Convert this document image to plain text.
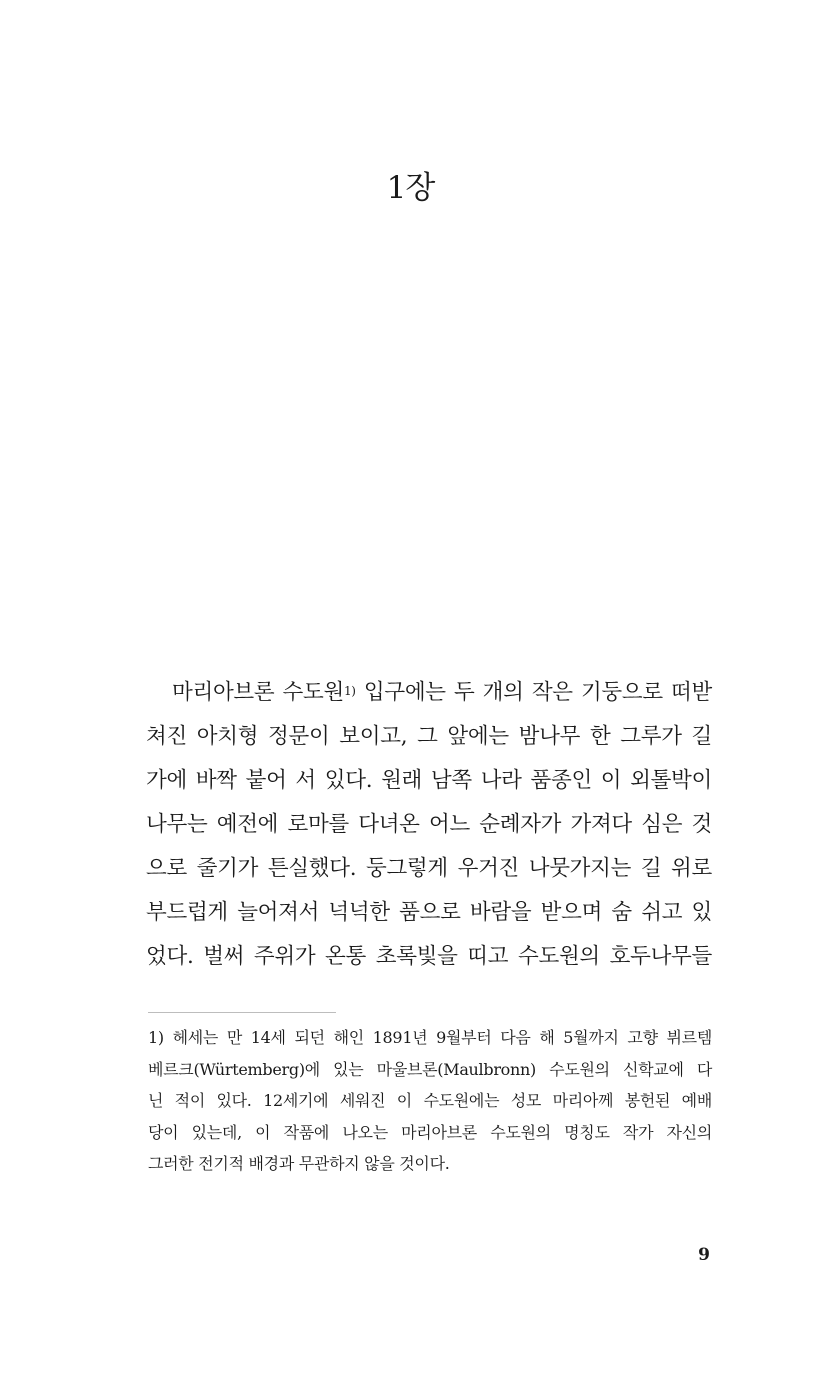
1장
마리아브론 수도원$^{1)}$ 입구에는 두 개의 작은 기둥으로 떠받
쳐진 아치형 정문이 보이고, 그 앞에는 밤나무 한 그루가 길
가에 바짝 붙어 서 있다. 원래 남쪽 나라 품종인 이 외톨박이
나무는 예전에 로마를 다녀온 어느 순례자가 가져다 심은 것
으로 줄기가 튼실했다. 둥그렇게 우거진 나뭇가지는 길 위로
부드럽게 늘어져서 넉넉한 품으로 바람을 받으며 숨 쉬고 있
었다. 벌써 주위가 온통 초록빛을 띠고 수도원의 호두나무들
1) 헤세는 만 14세 되던 해인 1891년 9월부터 다음 해 5월까지 고향 뷔르템
베르크(Würtemberg)에 있는 마울브론(Maulbronn) 수도원의 신학교에 다
닌 적이 있다. 12세기에 세워진 이 수도원에는 성모 마리아께 봉헌된 예배
당이 있는데, 이 작품에 나오는 마리아브론 수도원의 명칭도 작가 자신의
그러한 전기적 배경과 무관하지 않을 것이다.
9
